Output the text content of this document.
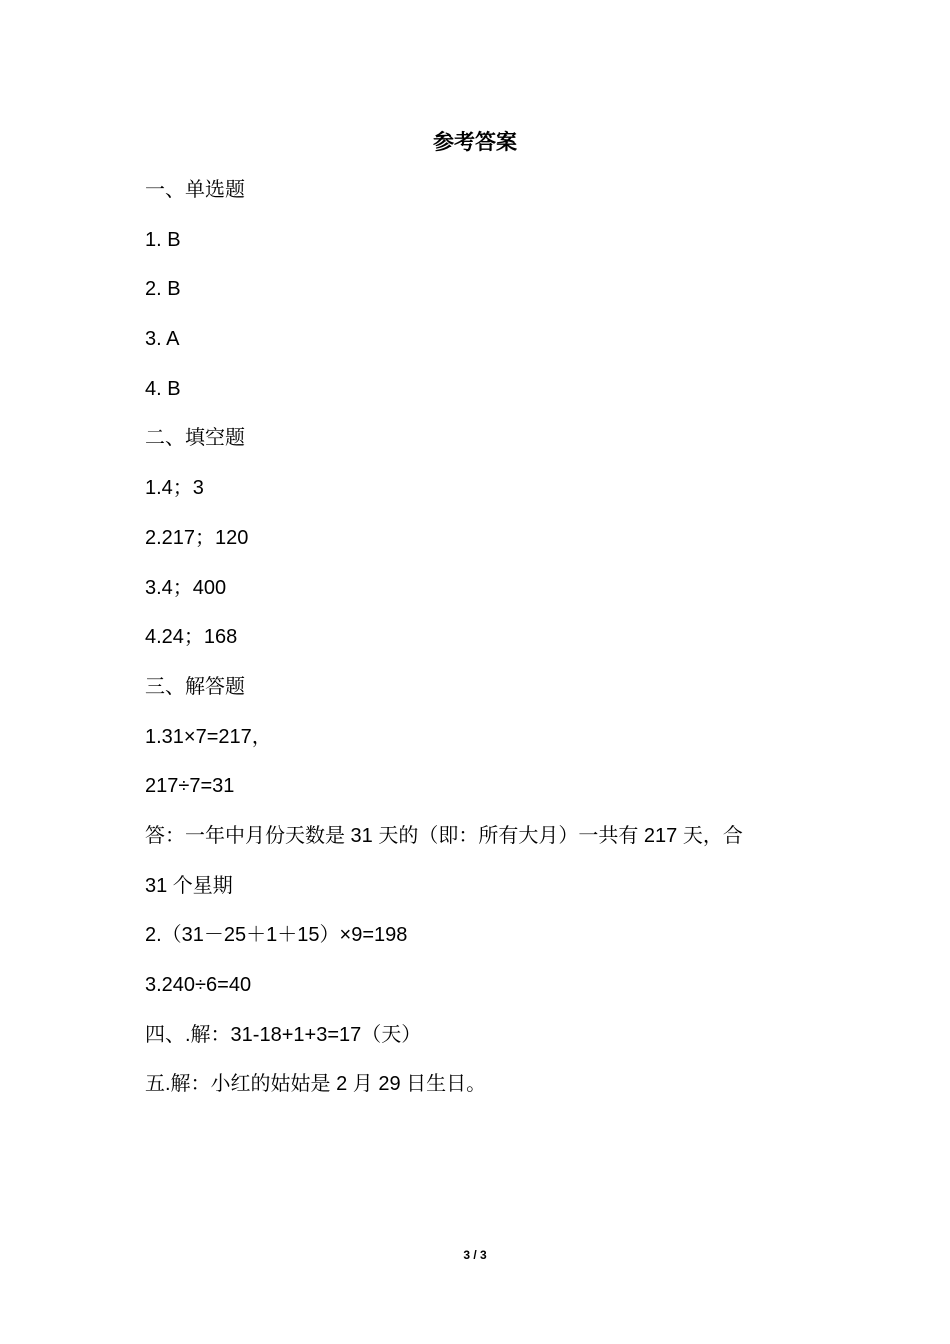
参考答案
一、单选题
1. B
2. B
3. A
4. B
二、填空题
1.4；3
2.217；120
3.4；400
4.24；168
三、解答题
1.31×7=217，
217÷7=31
答：一年中月份天数是 31 天的（即：所有大月）一共有 217 天，合
31 个星期
2.（31－25＋1＋15）×9=198
3.240÷6=40
四、.解：31-18+1+3=17（天）
五.解：小红的姑姑是 2 月 29 日生日。
3 / 3
